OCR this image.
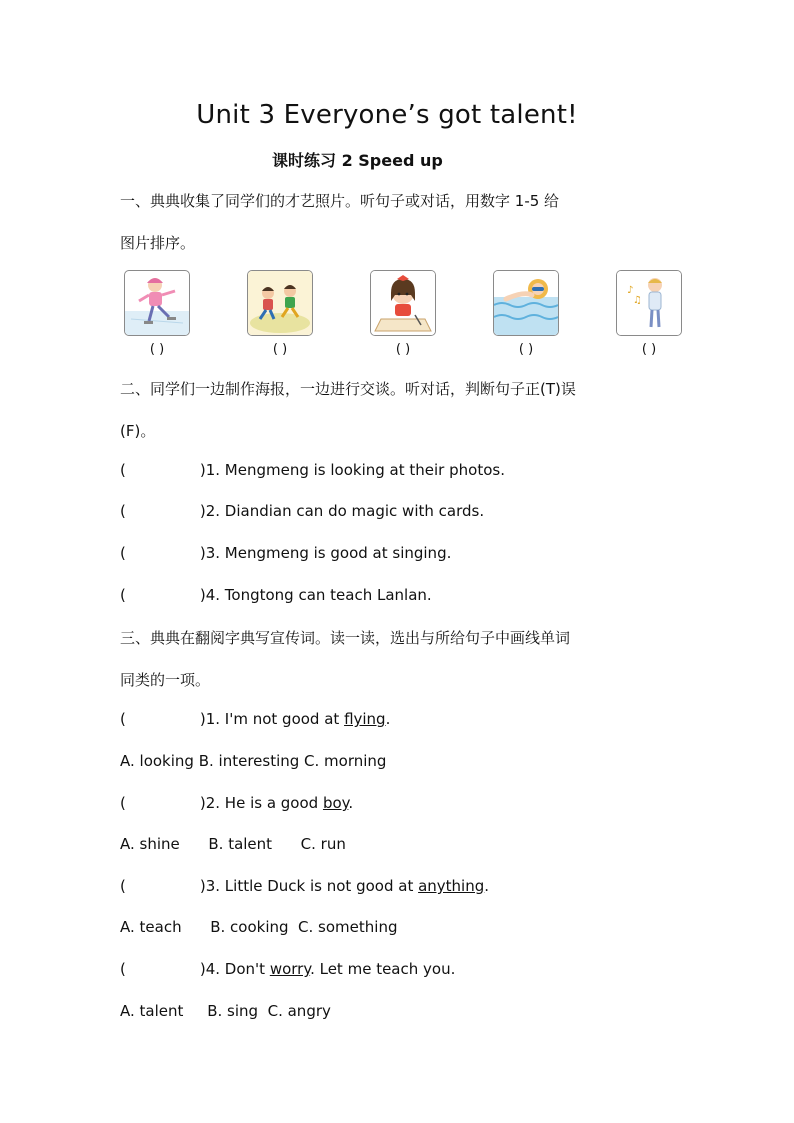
Unit 3 Everyone’s got talent!
课时练习 2 Speed up
一、典典收集了同学们的才艺照片。听句子或对话，用数字 1-5 给
图片排序。
( )	( )	( )	( )
♪
♫
( )
二、同学们一边制作海报，一边进行交谈。听对话，判断句子正(T)误
(F)。
(	)1. Mengmeng is looking at their photos.
(	)2. Diandian can do magic with cards.
(	)3. Mengmeng is good at singing.
(	)4. Tongtong can teach Lanlan.
三、典典在翻阅字典写宣传词。读一读，选出与所给句子中画线单词
同类的一项。
(	)1. I'm not good at flying.
A. looking B. interesting C. morning
(	)2. He is a good boy.
A. shine      B. talent      C. run
(	)3. Little Duck is not good at anything.
A. teach      B. cooking  C. something
(	)4. Don't worry. Let me teach you.
A. talent     B. sing  C. angry
